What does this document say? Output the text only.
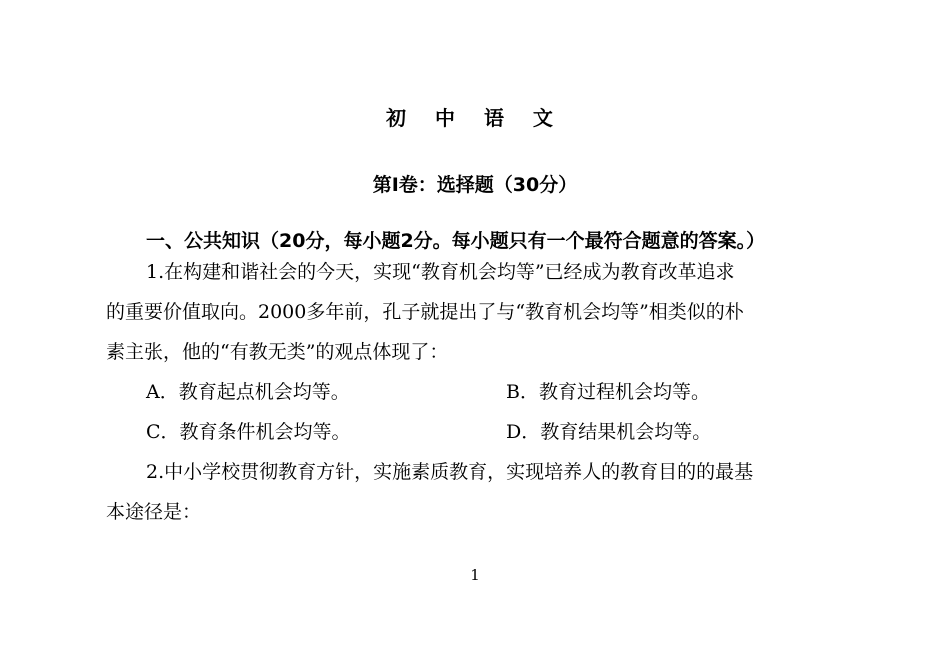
初 中 语 文
第Ⅰ卷：选择题（30分）
一、公共知识（20分，每小题2分。每小题只有一个最符合题意的答案。）
1.在构建和谐社会的今天，实现“教育机会均等”已经成为教育改革追求
的重要价值取向。2000多年前，孔子就提出了与“教育机会均等”相类似的朴
素主张，他的“有教无类”的观点体现了：
A．教育起点机会均等。	B．教育过程机会均等。
C．教育条件机会均等。	D．教育结果机会均等。
2.中小学校贯彻教育方针，实施素质教育，实现培养人的教育目的的最基
本途径是：
1
